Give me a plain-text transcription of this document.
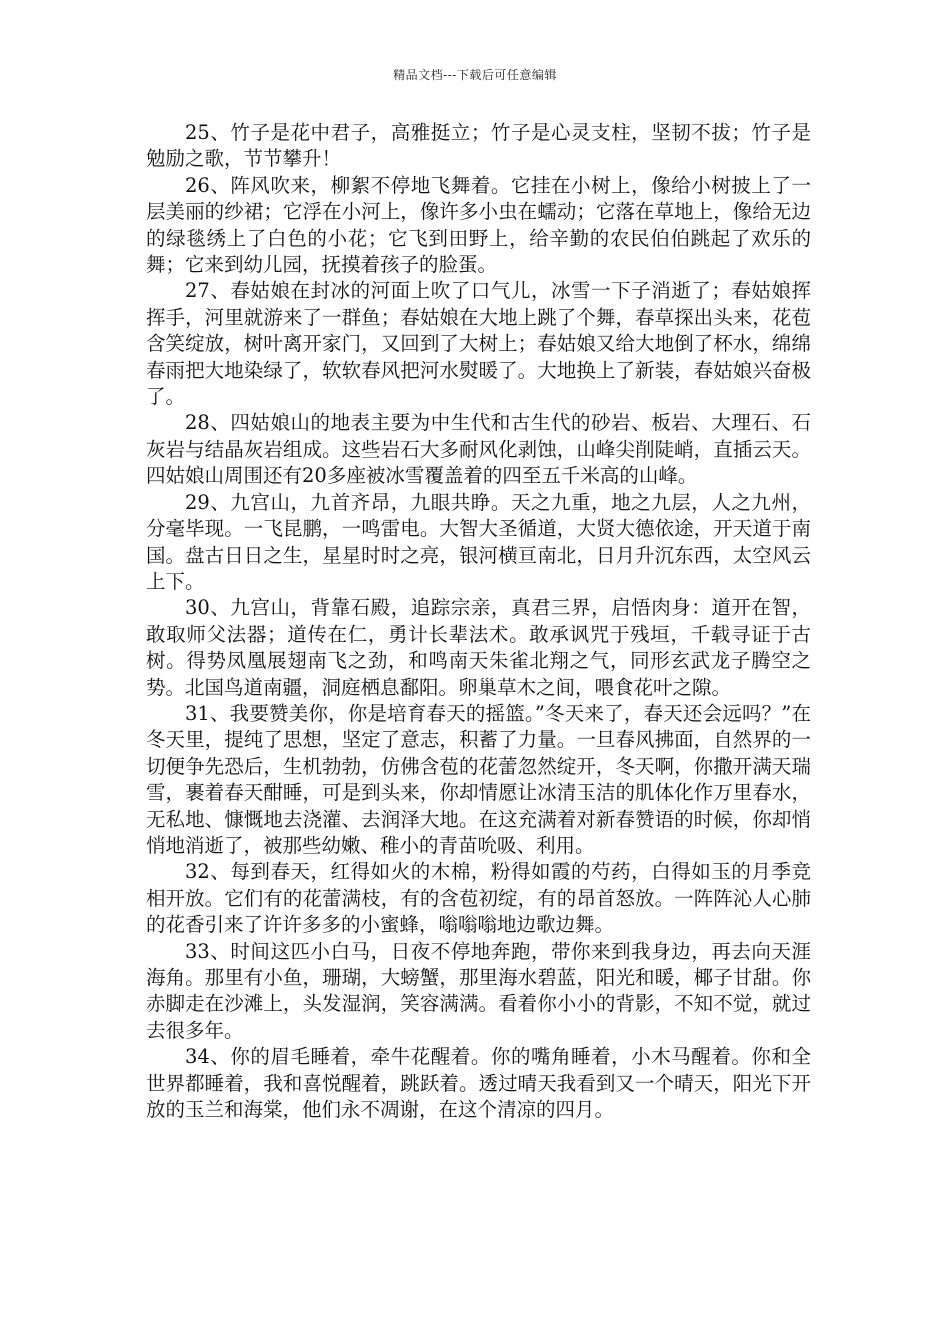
精品文档---下载后可任意编辑

25、竹子是花中君子，高雅挺立；竹子是心灵支柱，坚韧不拔；竹子是勉励之歌，节节攀升！

26、阵风吹来，柳絮不停地飞舞着。它挂在小树上，像给小树披上了一层美丽的纱裙；它浮在小河上，像许多小虫在蠕动；它落在草地上，像给无边的绿毯绣上了白色的小花；它飞到田野上，给辛勤的农民伯伯跳起了欢乐的舞；它来到幼儿园，抚摸着孩子的脸蛋。

27、春姑娘在封冰的河面上吹了口气儿，冰雪一下子消逝了；春姑娘挥挥手，河里就游来了一群鱼；春姑娘在大地上跳了个舞，春草探出头来，花苞含笑绽放，树叶离开家门，又回到了大树上；春姑娘又给大地倒了杯水，绵绵春雨把大地染绿了，软软春风把河水熨暖了。大地换上了新装，春姑娘兴奋极了。

28、四姑娘山的地表主要为中生代和古生代的砂岩、板岩、大理石、石灰岩与结晶灰岩组成。这些岩石大多耐风化剥蚀，山峰尖削陡峭，直插云天。四姑娘山周围还有20多座被冰雪覆盖着的四至五千米高的山峰。

29、九宫山，九首齐昂，九眼共睁。天之九重，地之九层，人之九州，分毫毕现。一飞昆鹏，一鸣雷电。大智大圣循道，大贤大德依途，开天道于南国。盘古日日之生，星星时时之亮，银河横亘南北，日月升沉东西，太空风云上下。

30、九宫山，背靠石殿，追踪宗亲，真君三界，启悟肉身：道开在智，敢取师父法器；道传在仁，勇计长辈法术。敢承讽咒于残垣，千载寻证于古树。得势凤凰展翅南飞之劲，和鸣南天朱雀北翔之气，同形玄武龙子腾空之势。北国鸟道南疆，洞庭栖息鄱阳。卵巢草木之间，喂食花叶之隙。

31、我要赞美你，你是培育春天的摇篮。”冬天来了，春天还会远吗？”在冬天里，提纯了思想，坚定了意志，积蓄了力量。一旦春风拂面，自然界的一切便争先恐后，生机勃勃，仿佛含苞的花蕾忽然绽开，冬天啊，你撒开满天瑞雪，裹着春天酣睡，可是到头来，你却情愿让冰清玉洁的肌体化作万里春水，无私地、慷慨地去浇灌、去润泽大地。在这充满着对新春赞语的时候，你却悄悄地消逝了，被那些幼嫩、稚小的青苗吮吸、利用。

32、每到春天，红得如火的木棉，粉得如霞的芍药，白得如玉的月季竞相开放。它们有的花蕾满枝，有的含苞初绽，有的昂首怒放。一阵阵沁人心肺的花香引来了许许多多的小蜜蜂，嗡嗡嗡地边歌边舞。

33、时间这匹小白马，日夜不停地奔跑，带你来到我身边，再去向天涯海角。那里有小鱼，珊瑚，大螃蟹，那里海水碧蓝，阳光和暖，椰子甘甜。你赤脚走在沙滩上，头发湿润，笑容满满。看着你小小的背影，不知不觉，就过去很多年。

34、你的眉毛睡着，牵牛花醒着。你的嘴角睡着，小木马醒着。你和全世界都睡着，我和喜悦醒着，跳跃着。透过晴天我看到又一个晴天，阳光下开放的玉兰和海棠，他们永不凋谢，在这个清凉的四月。
